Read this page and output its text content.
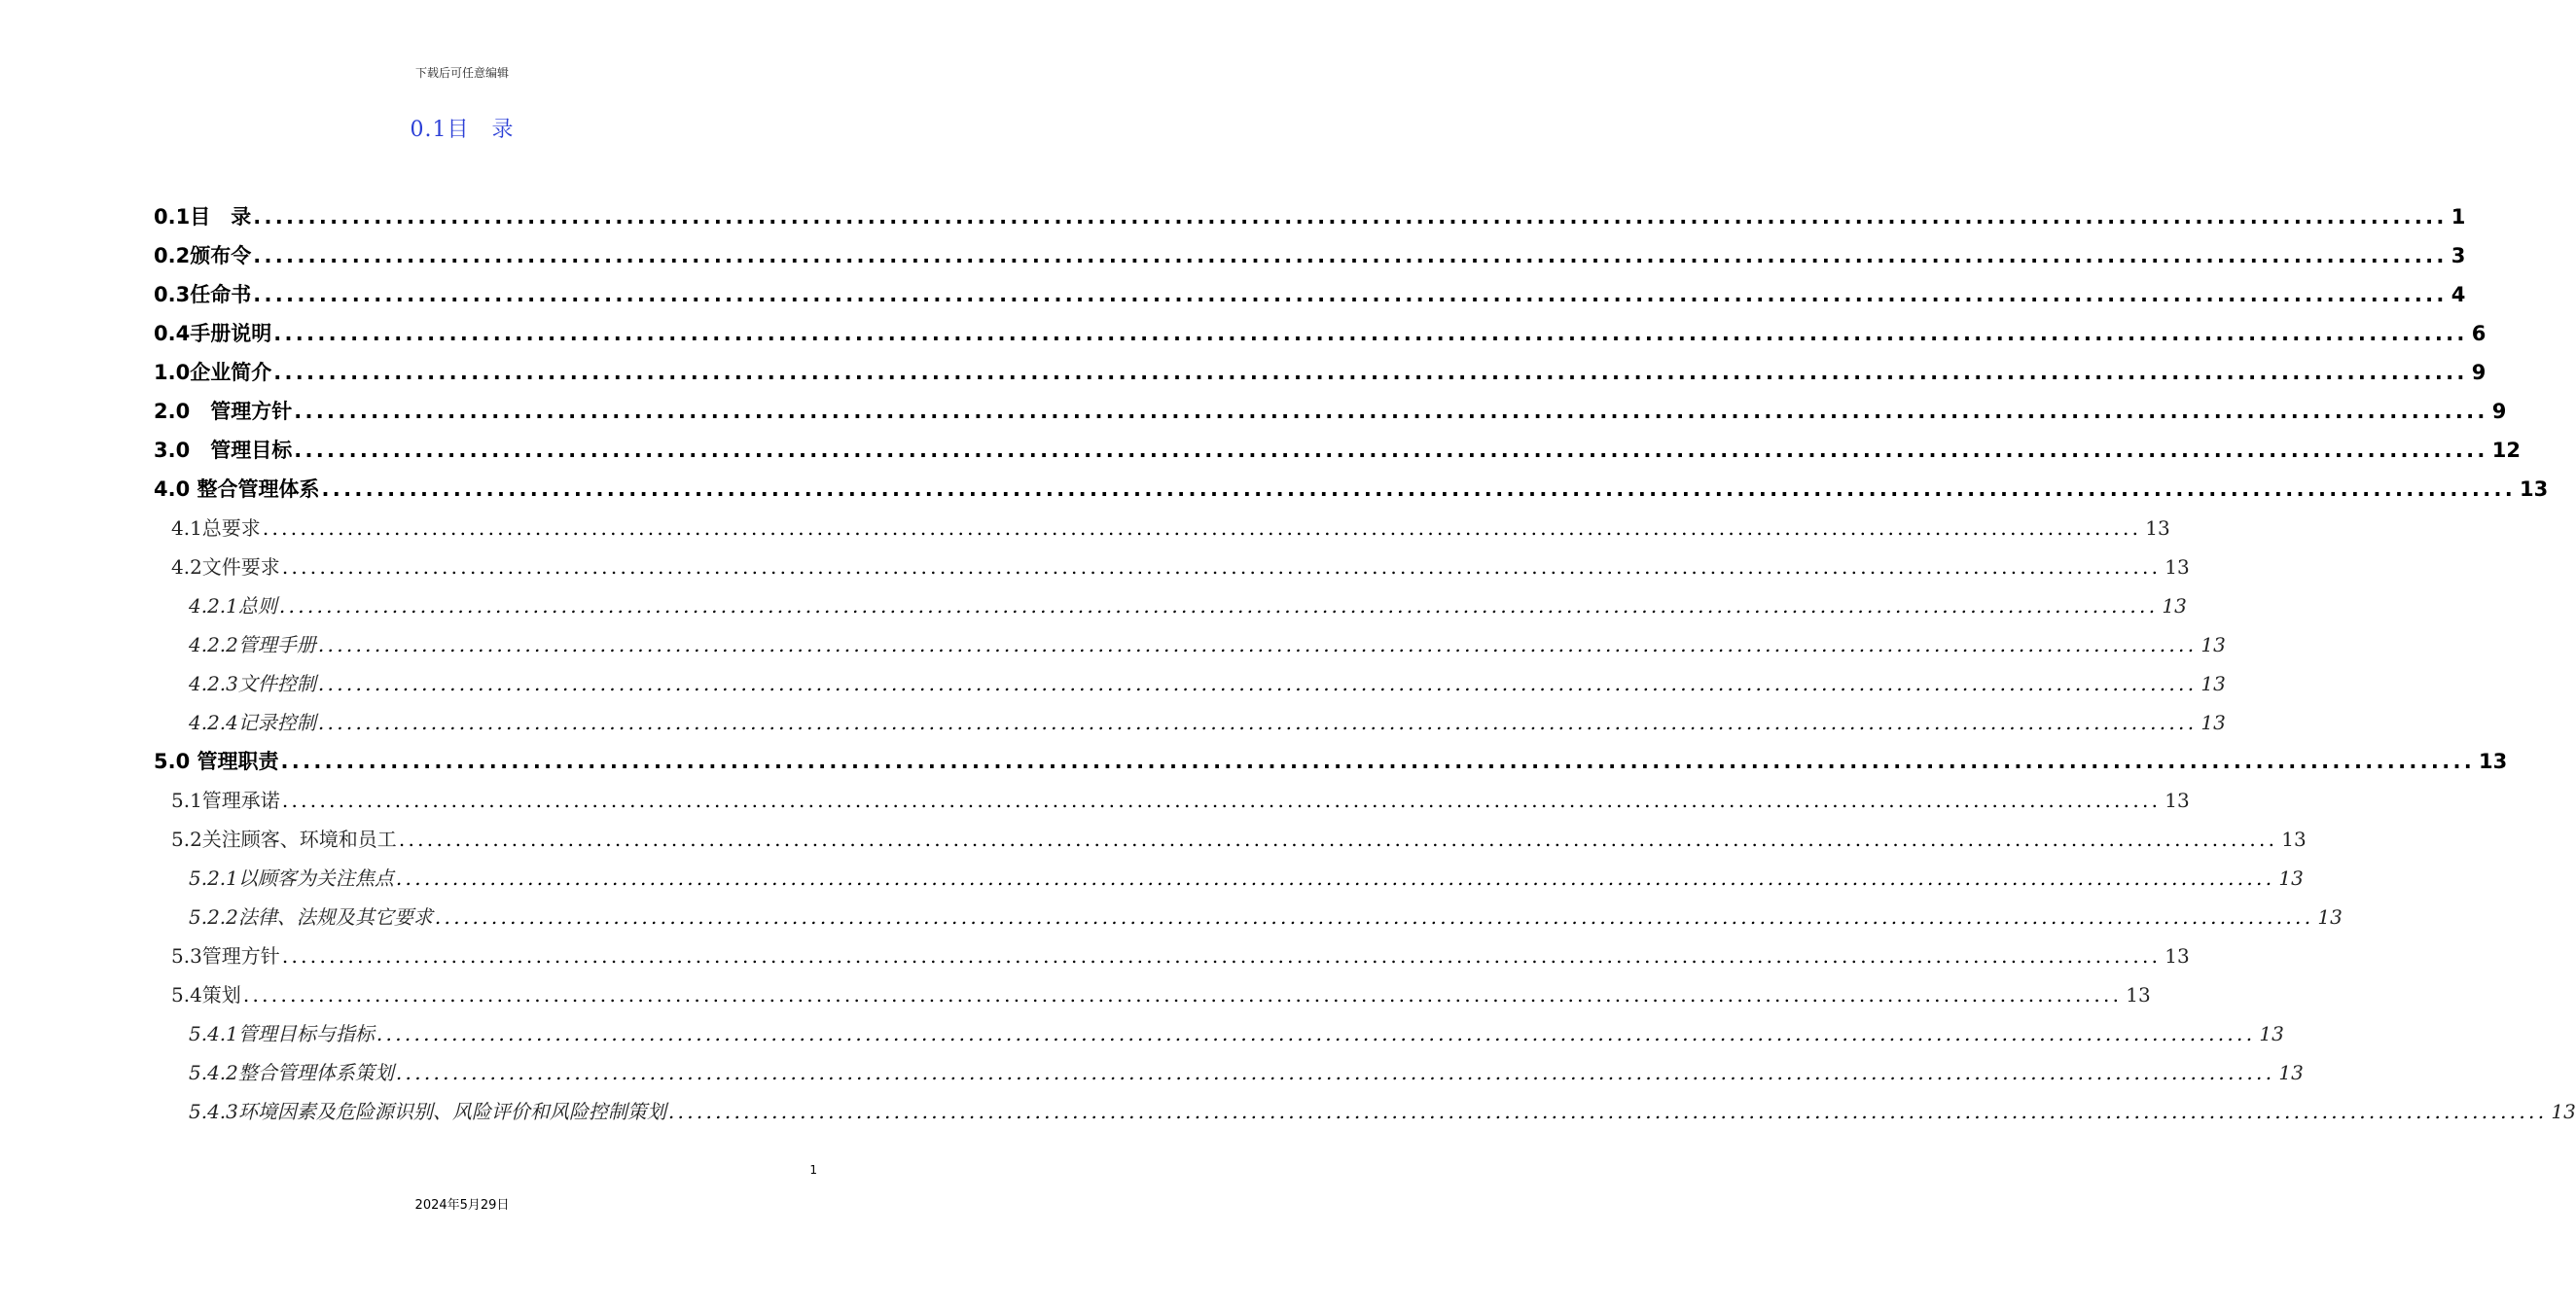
下载后可任意编辑
0.1目　录
0.1目　录 ........................................................................................................................................................................................................ 1
0.2颁布令 ........................................................................................................................................................................................................ 3
0.3任命书 ........................................................................................................................................................................................................ 4
0.4手册说明 ........................................................................................................................................................................................................ 6
1.0企业简介 ........................................................................................................................................................................................................ 9
2.0　管理方针 ........................................................................................................................................................................................................ 9
3.0　管理目标 ........................................................................................................................................................................................................ 12
4.0 整合管理体系 ........................................................................................................................................................................................................ 13
4.1总要求 ........................................................................................................................................................................................................ 13
4.2文件要求 ........................................................................................................................................................................................................ 13
4.2.1总则 ........................................................................................................................................................................................................ 13
4.2.2管理手册 ........................................................................................................................................................................................................ 13
4.2.3文件控制 ........................................................................................................................................................................................................ 13
4.2.4记录控制 ........................................................................................................................................................................................................ 13
5.0 管理职责 ........................................................................................................................................................................................................ 13
5.1管理承诺 ........................................................................................................................................................................................................ 13
5.2关注顾客、环境和员工 ........................................................................................................................................................................................................ 13
5.2.1以顾客为关注焦点 ........................................................................................................................................................................................................ 13
5.2.2法律、法规及其它要求 ........................................................................................................................................................................................................ 13
5.3管理方针 ........................................................................................................................................................................................................ 13
5.4策划 ........................................................................................................................................................................................................ 13
5.4.1管理目标与指标 ........................................................................................................................................................................................................ 13
5.4.2整合管理体系策划 ........................................................................................................................................................................................................ 13
5.4.3环境因素及危险源识别、风险评价和风险控制策划 ........................................................................................................................................................................................................ 13
1
2024年5月29日
